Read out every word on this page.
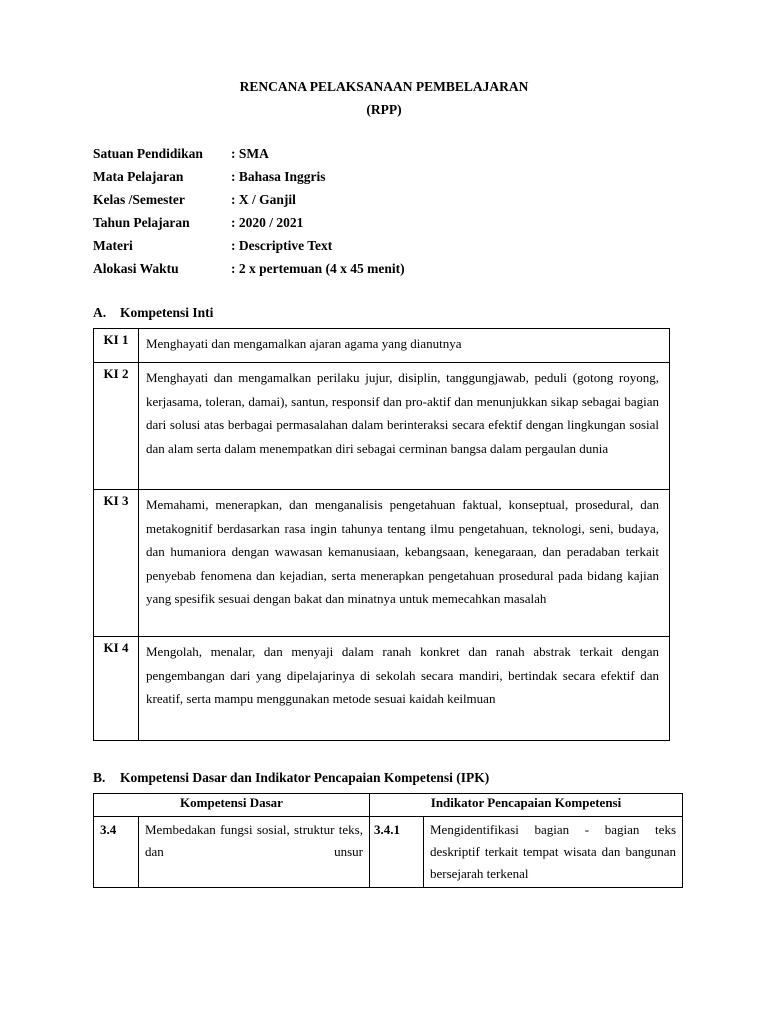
RENCANA PELAKSANAAN PEMBELAJARAN
(RPP)
Satuan Pendidikan	: SMA
Mata Pelajaran	: Bahasa Inggris
Kelas /Semester	: X / Ganjil
Tahun Pelajaran	: 2020 / 2021
Materi	: Descriptive Text
Alokasi Waktu	: 2 x pertemuan (4 x 45 menit)
A. Kompetensi Inti
KI 1	Menghayati dan mengamalkan ajaran agama yang dianutnya
KI 2	Menghayati dan mengamalkan perilaku jujur, disiplin, tanggungjawab, peduli (gotong royong, kerjasama, toleran, damai), santun, responsif dan pro-aktif dan menunjukkan sikap sebagai bagian dari solusi atas berbagai permasalahan dalam berinteraksi secara efektif dengan lingkungan sosial dan alam serta dalam menempatkan diri sebagai cerminan bangsa dalam pergaulan dunia
KI 3	Memahami, menerapkan, dan menganalisis pengetahuan faktual, konseptual, prosedural, dan metakognitif berdasarkan rasa ingin tahunya tentang ilmu pengetahuan, teknologi, seni, budaya, dan humaniora dengan wawasan kemanusiaan, kebangsaan, kenegaraan, dan peradaban terkait penyebab fenomena dan kejadian, serta menerapkan pengetahuan prosedural pada bidang kajian yang spesifik sesuai dengan bakat dan minatnya untuk memecahkan masalah
KI 4	Mengolah, menalar, dan menyaji dalam ranah konkret dan ranah abstrak terkait dengan pengembangan dari yang dipelajarinya di sekolah secara mandiri, bertindak secara efektif dan kreatif, serta mampu menggunakan metode sesuai kaidah keilmuan
B. Kompetensi Dasar dan Indikator Pencapaian Kompetensi (IPK)
Kompetensi Dasar		Indikator Pencapaian Kompetensi	
3.4	Membedakan fungsi sosial, struktur teks, dan unsur	3.4.1	Mengidentifikasi bagian - bagian teks deskriptif terkait tempat wisata dan bangunan bersejarah terkenal
